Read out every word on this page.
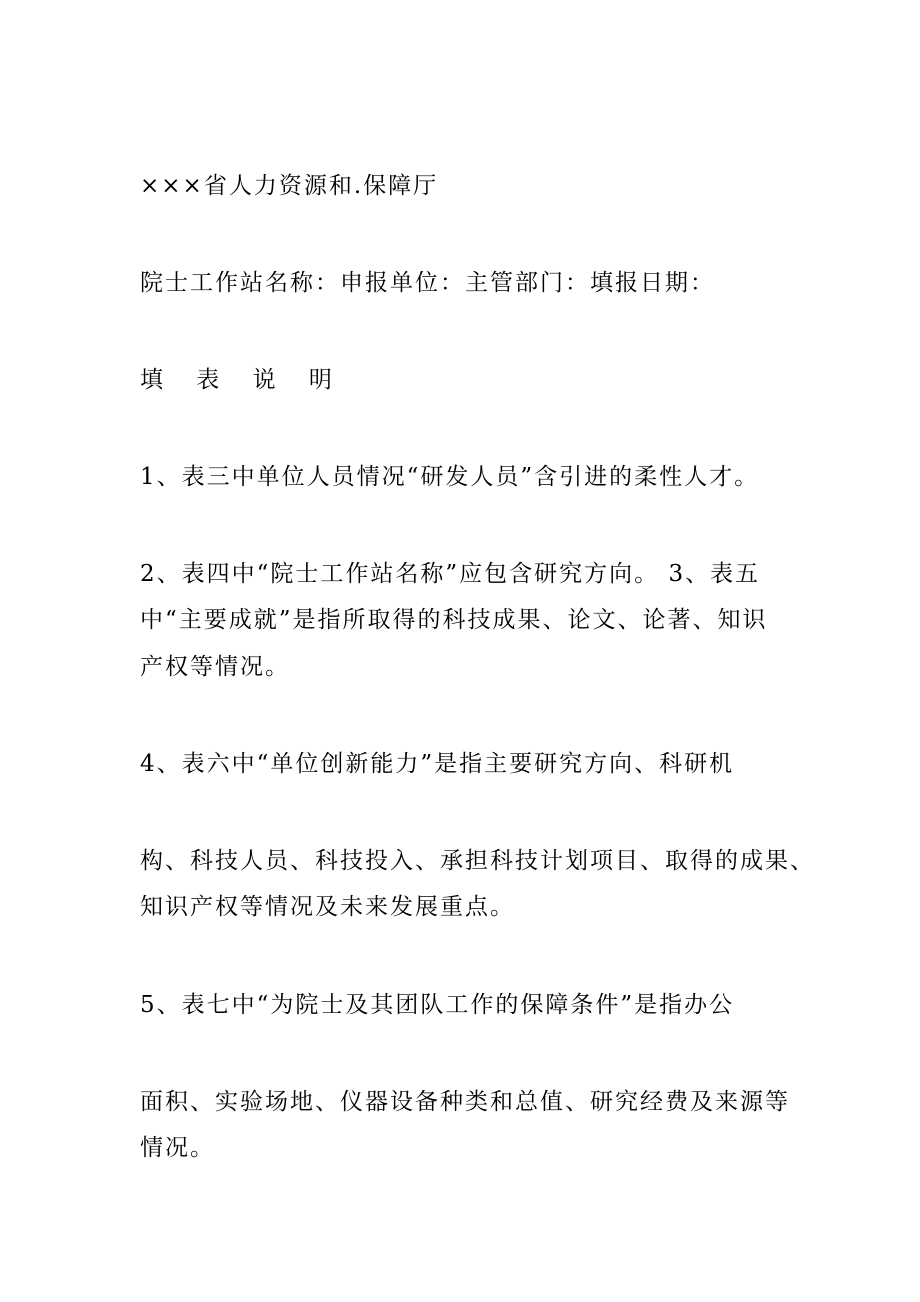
×××省人力资源和.保障厅
院士工作站名称：申报单位：主管部门：填报日期：
填 表 说 明
1、表三中单位人员情况“研发人员”含引进的柔性人才。
2、表四中“院士工作站名称”应包含研究方向。 3、表五
中“主要成就”是指所取得的科技成果、论文、论著、知识
产权等情况。
4、表六中“单位创新能力”是指主要研究方向、科研机
构、科技人员、科技投入、承担科技计划项目、取得的成果、
知识产权等情况及未来发展重点。
5、表七中“为院士及其团队工作的保障条件”是指办公
面积、实验场地、仪器设备种类和总值、研究经费及来源等
情况。
